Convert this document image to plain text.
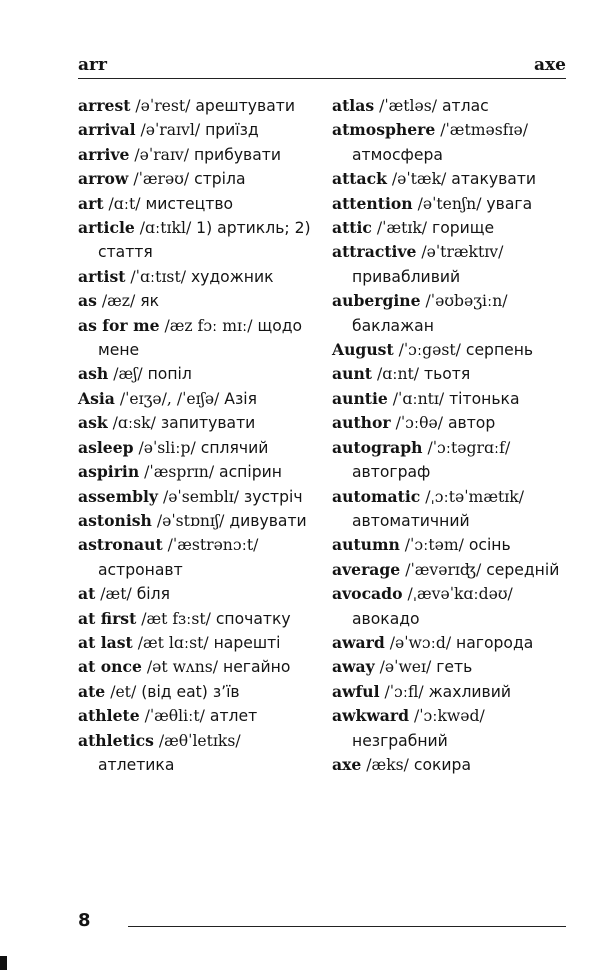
arr	axe

arrest /əˈrest/ арештувати

arrival /əˈraɪvl/ приїзд

arrive /əˈraɪv/ прибувати

arrow /ˈærəʊ/ стріла

art /ɑːt/ мистецтво

article /ɑːtɪkl/ 1) артикль; 2) стаття

artist /ˈɑːtɪst/ художник

as /æz/ як

as for me /æz fɔː mɪː/ щодо мене

ash /æʃ/ попіл

Asia /ˈeɪʒə/, /ˈeɪʃə/ Азія

ask /ɑːsk/ запитувати

asleep /əˈsliːp/ сплячий

aspirin /ˈæsprɪn/ аспірин

assembly /əˈsemblɪ/ зустріч

astonish /əˈstɒnɪʃ/ дивувати

astronaut /ˈæstrənɔːt/ астронавт

at /æt/ біля

at first /æt fɜːst/ спочатку

at last /æt lɑːst/ нарешті

at once /ət wʌns/ негайно

ate /et/ (від eat) з’їв

athlete /ˈæθliːt/ атлет

athletics /æθˈletɪks/ атлетика

atlas /ˈætləs/ атлас

atmosphere /ˈætməsfɪə/ атмосфера

attack /əˈtæk/ атакувати

attention /əˈtenʃn/ увага

attic /ˈætɪk/ горище

attractive /əˈtræktɪv/ привабливий

aubergine /ˈəʊbəʒiːn/ баклажан

August /ˈɔːgəst/ серпень

aunt /ɑːnt/ тьотя

auntie /ˈɑːntɪ/ тітонька

author /ˈɔːθə/ автор

autograph /ˈɔːtəgrɑːf/ автограф

automatic /ˌɔːtəˈmætɪk/ автоматичний

autumn /ˈɔːtəm/ осінь

average /ˈævərɪʤ/ середній

avocado /ˌævəˈkɑːdəʊ/ авокадо

award /əˈwɔːd/ нагорода

away /əˈweɪ/ геть

awful /ˈɔːfl/ жахливий

awkward /ˈɔːkwəd/ незграбний

axe /æks/ сокира

8
